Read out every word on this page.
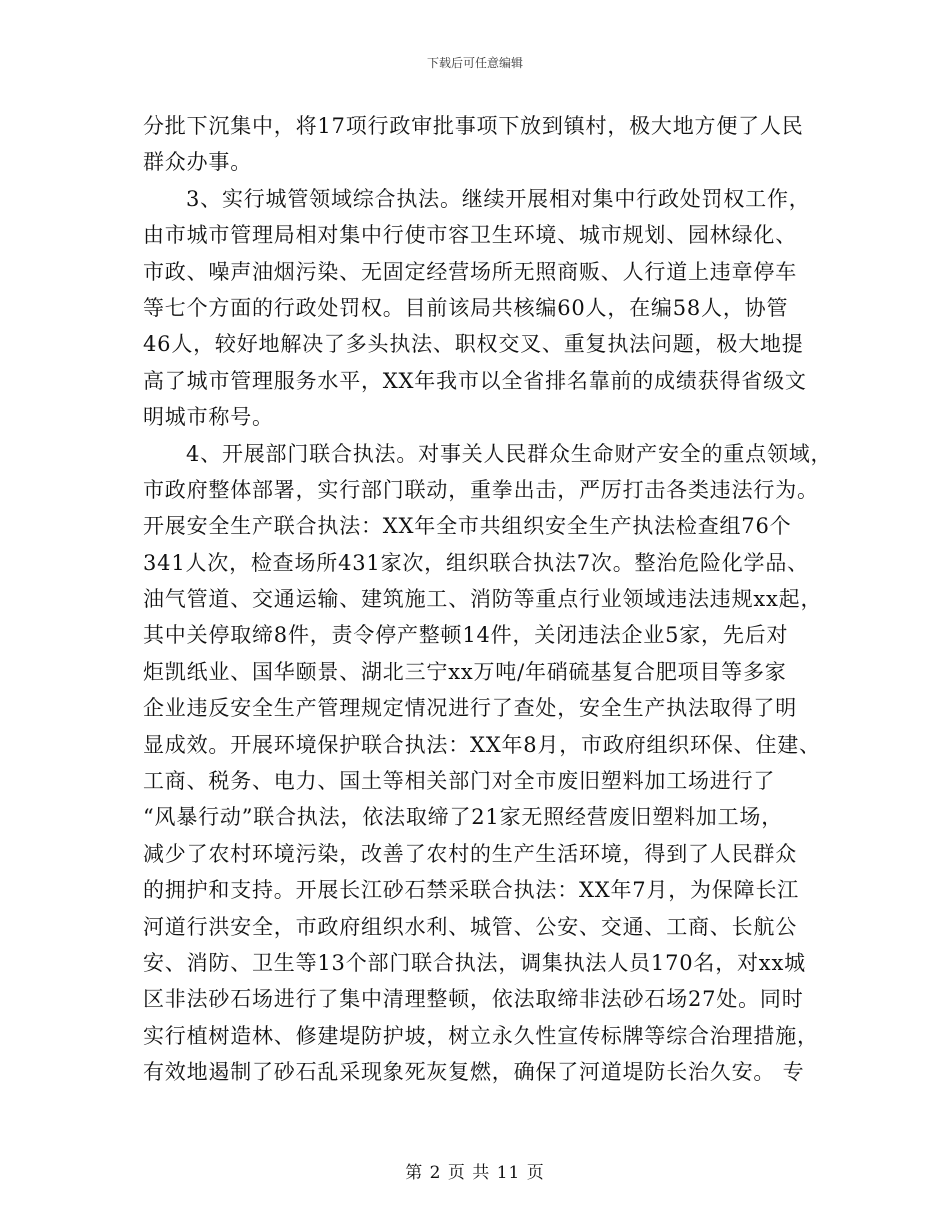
下载后可任意编辑
分批下沉集中，将17项行政审批事项下放到镇村，极大地方便了人民
群众办事。
3、实行城管领域综合执法。继续开展相对集中行政处罚权工作，
由市城市管理局相对集中行使市容卫生环境、城市规划、园林绿化、
市政、噪声油烟污染、无固定经营场所无照商贩、人行道上违章停车
等七个方面的行政处罚权。目前该局共核编60人，在编58人，协管
46人，较好地解决了多头执法、职权交叉、重复执法问题，极大地提
高了城市管理服务水平，XX年我市以全省排名靠前的成绩获得省级文
明城市称号。
4、开展部门联合执法。对事关人民群众生命财产安全的重点领域，
市政府整体部署，实行部门联动，重拳出击，严厉打击各类违法行为。
开展安全生产联合执法：XX年全市共组织安全生产执法检查组76个
341人次，检查场所431家次，组织联合执法7次。整治危险化学品、
油气管道、交通运输、建筑施工、消防等重点行业领域违法违规xx起，
其中关停取缔8件，责令停产整顿14件，关闭违法企业5家，先后对
炬凯纸业、国华颐景、湖北三宁xx万吨/年硝硫基复合肥项目等多家
企业违反安全生产管理规定情况进行了查处，安全生产执法取得了明
显成效。开展环境保护联合执法：XX年8月，市政府组织环保、住建、
工商、税务、电力、国土等相关部门对全市废旧塑料加工场进行了
“风暴行动”联合执法，依法取缔了21家无照经营废旧塑料加工场，
减少了农村环境污染，改善了农村的生产生活环境，得到了人民群众
的拥护和支持。开展长江砂石禁采联合执法：XX年7月，为保障长江
河道行洪安全，市政府组织水利、城管、公安、交通、工商、长航公
安、消防、卫生等13个部门联合执法，调集执法人员170名，对xx城
区非法砂石场进行了集中清理整顿，依法取缔非法砂石场27处。同时
实行植树造林、修建堤防护坡，树立永久性宣传标牌等综合治理措施，
有效地遏制了砂石乱采现象死灰复燃，确保了河道堤防长治久安。 专
第 2 页 共 11 页
